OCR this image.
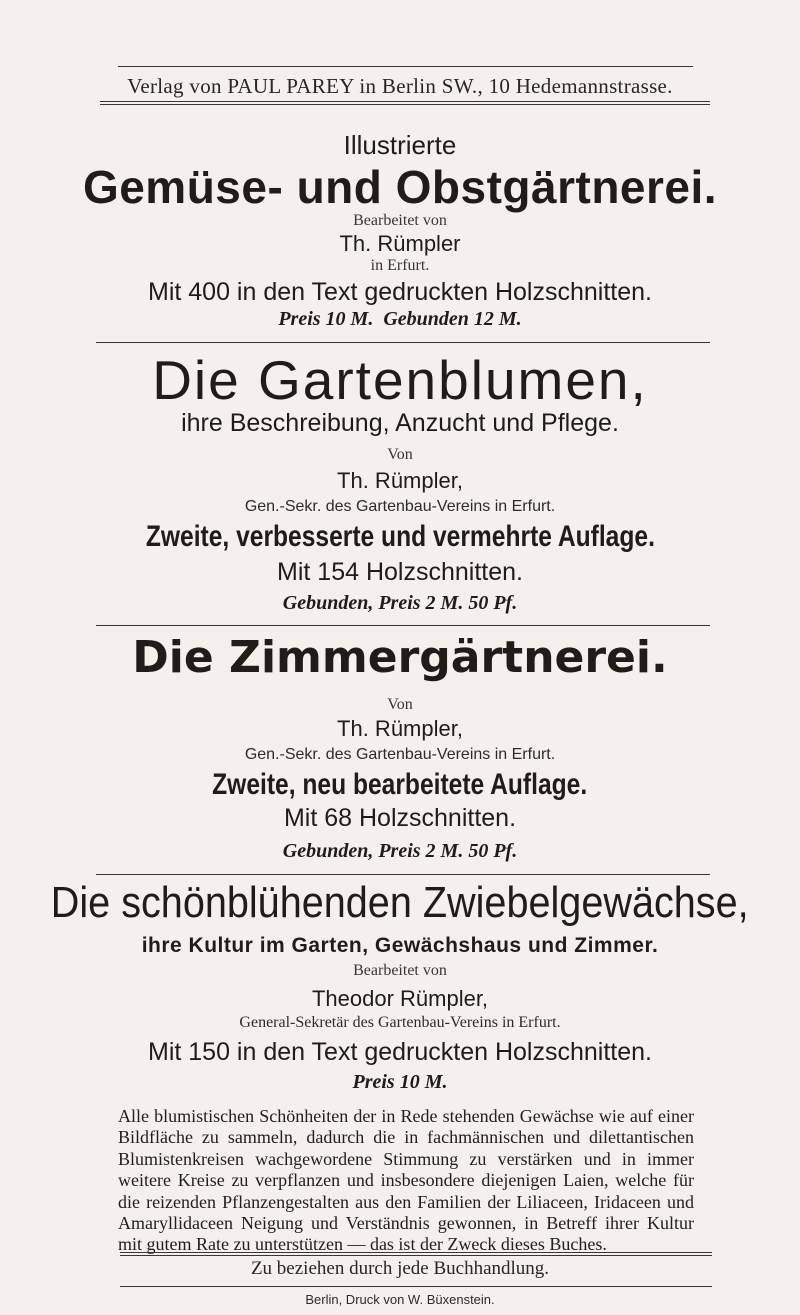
Verlag von PAUL PAREY in Berlin SW., 10 Hedemannstrasse.
Illustrierte
Gemüse- und Obstgärtnerei.
Bearbeitet von
Th. Rümpler
in Erfurt.
Mit 400 in den Text gedruckten Holzschnitten.
Preis 10 M.  Gebunden 12 M.
Die Gartenblumen,
ihre Beschreibung, Anzucht und Pflege.
Von
Th. Rümpler,
Gen.-Sekr. des Gartenbau-Vereins in Erfurt.
Zweite, verbesserte und vermehrte Auflage.
Mit 154 Holzschnitten.
Gebunden, Preis 2 M. 50 Pf.
Die Zimmergärtnerei.
Von
Th. Rümpler,
Gen.-Sekr. des Gartenbau-Vereins in Erfurt.
Zweite, neu bearbeitete Auflage.
Mit 68 Holzschnitten.
Gebunden, Preis 2 M. 50 Pf.
Die schönblühenden Zwiebelgewächse,
ihre Kultur im Garten, Gewächshaus und Zimmer.
Bearbeitet von
Theodor Rümpler,
General-Sekretär des Gartenbau-Vereins in Erfurt.
Mit 150 in den Text gedruckten Holzschnitten.
Preis 10 M.
Alle blumistischen Schönheiten der in Rede stehenden Gewächse wie auf einer Bildfläche zu sammeln, dadurch die in fachmännischen und dilettantischen Blumistenkreisen wachgewordene Stimmung zu verstärken und in immer weitere Kreise zu verpflanzen und insbesondere diejenigen Laien, welche für die reizenden Pflanzengestalten aus den Familien der Liliaceen, Iridaceen und Amaryllidaceen Neigung und Verständnis gewonnen, in Betreff ihrer Kultur mit gutem Rate zu unterstützen — das ist der Zweck dieses Buches.
Zu beziehen durch jede Buchhandlung.
Berlin, Druck von W. Büxenstein.
